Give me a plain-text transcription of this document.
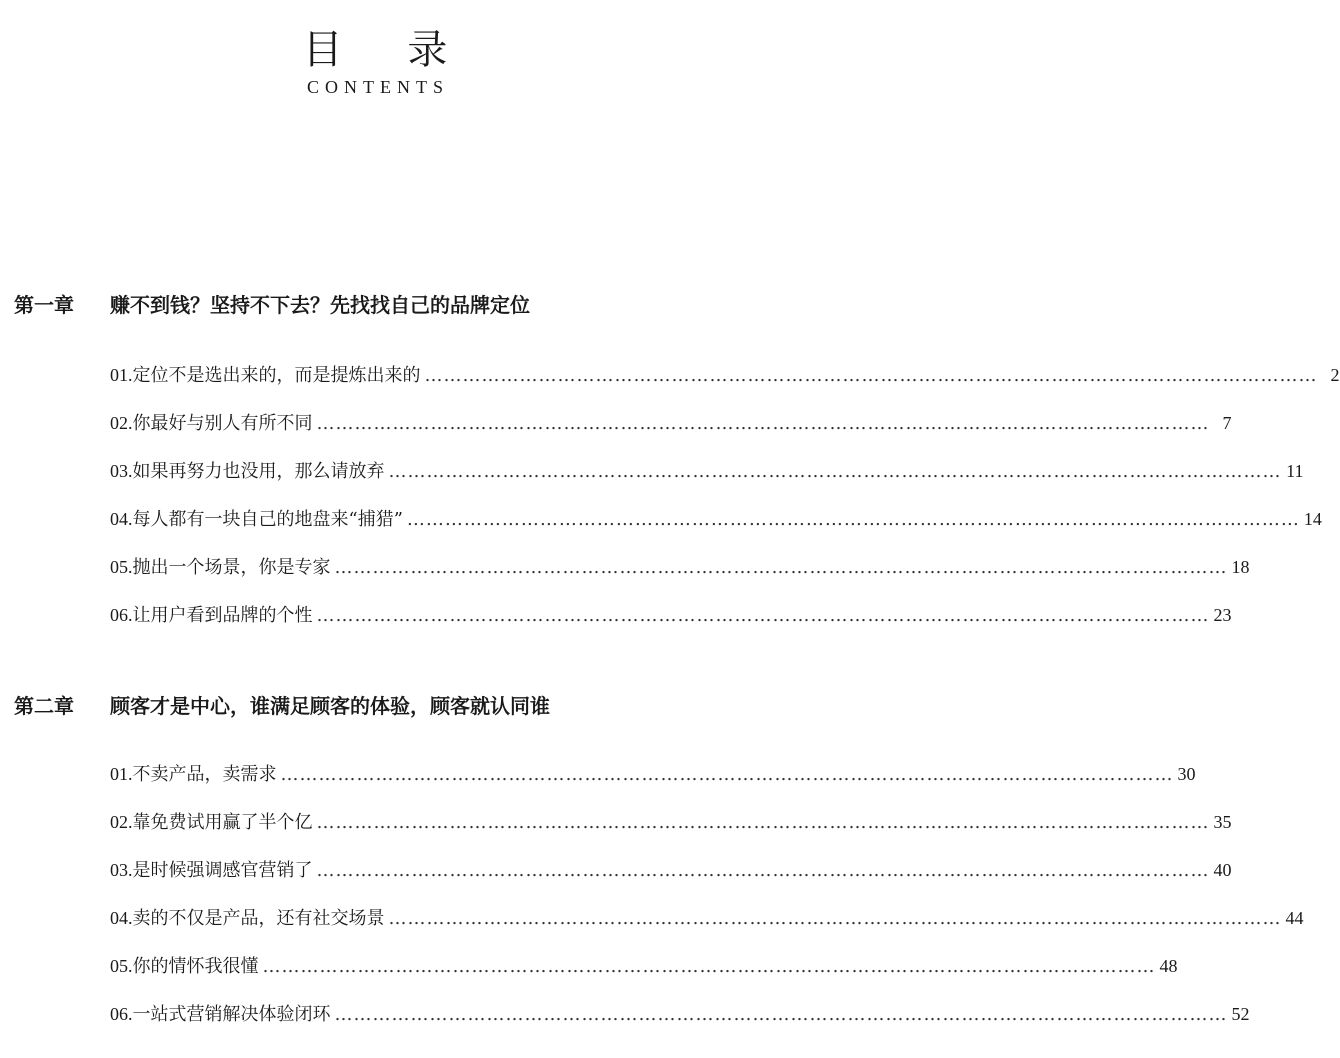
目 录
CONTENTS
第一章	赚不到钱？坚持不下去？先找找自己的品牌定位
01. 定位不是选出来的，而是提炼出来的 …………………………………………………………………………………………………………………………… 2
02. 你最好与别人有所不同 …………………………………………………………………………………………………………………………… 7
03. 如果再努力也没用，那么请放弃 …………………………………………………………………………………………………………………………… 11
04. 每人都有一块自己的地盘来“捕猎” …………………………………………………………………………………………………………………………… 14
05. 抛出一个场景，你是专家 …………………………………………………………………………………………………………………………… 18
06. 让用户看到品牌的个性 …………………………………………………………………………………………………………………………… 23
第二章	顾客才是中心，谁满足顾客的体验，顾客就认同谁
01. 不卖产品，卖需求 …………………………………………………………………………………………………………………………… 30
02. 靠免费试用赢了半个亿 …………………………………………………………………………………………………………………………… 35
03. 是时候强调感官营销了 …………………………………………………………………………………………………………………………… 40
04. 卖的不仅是产品，还有社交场景 …………………………………………………………………………………………………………………………… 44
05. 你的情怀我很懂 …………………………………………………………………………………………………………………………… 48
06. 一站式营销解决体验闭环 …………………………………………………………………………………………………………………………… 52
